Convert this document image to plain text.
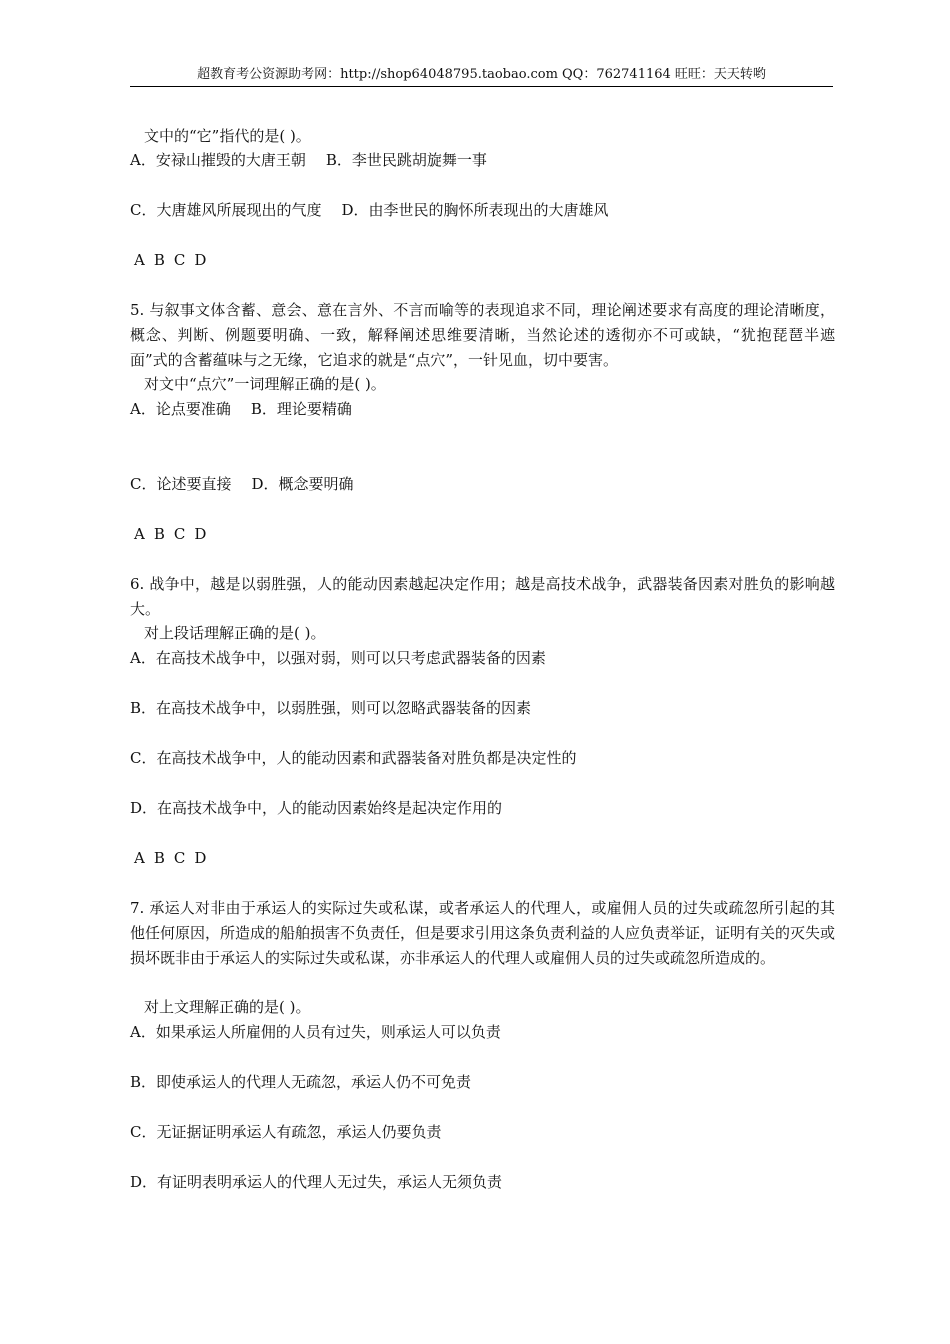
超教育考公资源助考网：http://shop64048795.taobao.com QQ：762741164 旺旺：天天转哟
文中的“它”指代的是( )。
A．安禄山摧毁的大唐王朝 B．李世民跳胡旋舞一事
C．大唐雄风所展现出的气度 D．由李世民的胸怀所表现出的大唐雄风
A B C D
5. 与叙事文体含蓄、意会、意在言外、不言而喻等的表现追求不同，理论阐述要求有高度的理论清晰度，概念、判断、例题要明确、一致，解释阐述思维要清晰，当然论述的透彻亦不可或缺，“犹抱琵琶半遮面”式的含蓄蕴味与之无缘，它追求的就是“点穴”，一针见血，切中要害。
对文中“点穴”一词理解正确的是( )。
A．论点要准确 B．理论要精确
C．论述要直接 D．概念要明确
A B C D
6. 战争中，越是以弱胜强，人的能动因素越起决定作用；越是高技术战争，武器装备因素对胜负的影响越大。
对上段话理解正确的是( )。
A．在高技术战争中，以强对弱，则可以只考虑武器装备的因素
B．在高技术战争中，以弱胜强，则可以忽略武器装备的因素
C．在高技术战争中，人的能动因素和武器装备对胜负都是决定性的
D．在高技术战争中，人的能动因素始终是起决定作用的
A B C D
7. 承运人对非由于承运人的实际过失或私谋，或者承运人的代理人，或雇佣人员的过失或疏忽所引起的其他任何原因，所造成的船舶损害不负责任，但是要求引用这条负责利益的人应负责举证，证明有关的灭失或损坏既非由于承运人的实际过失或私谋，亦非承运人的代理人或雇佣人员的过失或疏忽所造成的。
对上文理解正确的是( )。
A．如果承运人所雇佣的人员有过失，则承运人可以负责
B．即使承运人的代理人无疏忽，承运人仍不可免责
C．无证据证明承运人有疏忽，承运人仍要负责
D．有证明表明承运人的代理人无过失，承运人无须负责
